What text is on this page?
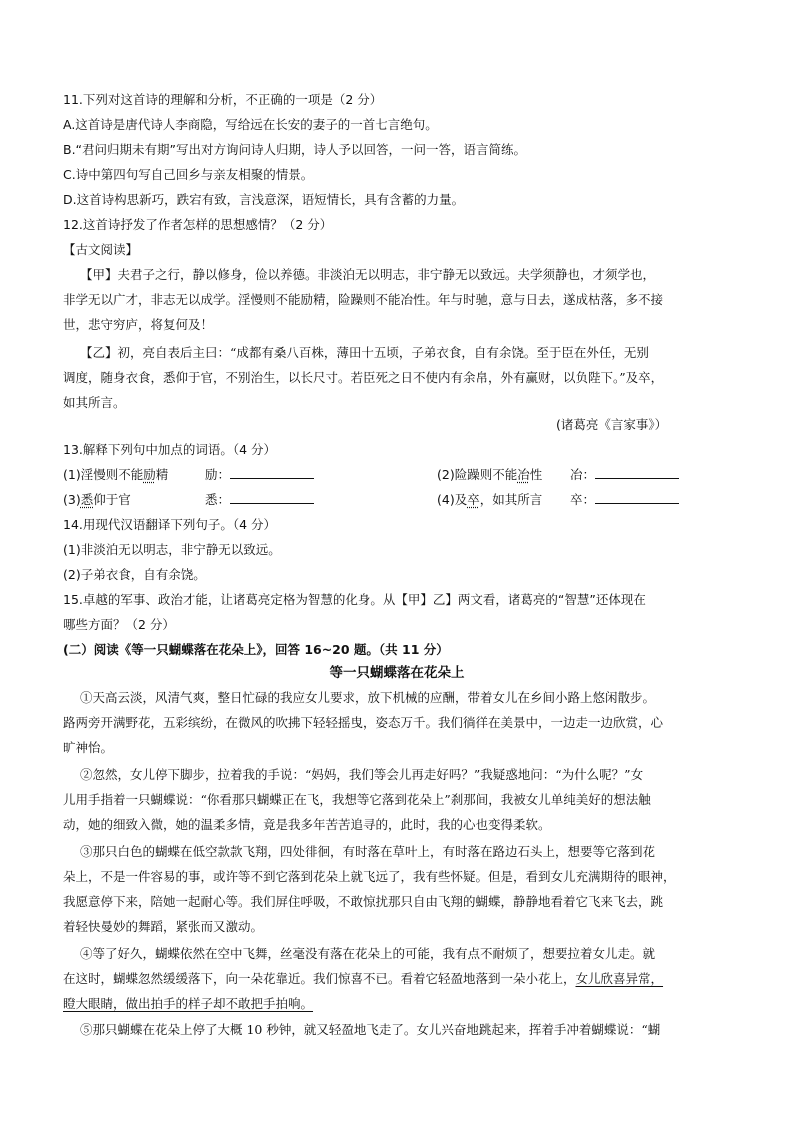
11.下列对这首诗的理解和分析，不正确的一项是（2 分）
A.这首诗是唐代诗人李商隐，写给远在长安的妻子的一首七言绝句。
B.“君问归期未有期”写出对方询问诗人归期，诗人予以回答，一问一答，语言简练。
C.诗中第四句写自己回乡与亲友相聚的情景。
D.这首诗构思新巧，跌宕有致，言浅意深，语短情长，具有含蓄的力量。
12.这首诗抒发了作者怎样的思想感情？（2 分）
【古文阅读】
【甲】夫君子之行，静以修身，俭以养德。非淡泊无以明志，非宁静无以致远。夫学须静也，才须学也，
非学无以广才，非志无以成学。淫慢则不能励精，险躁则不能冶性。年与时驰，意与日去，遂成枯落，多不接
世，悲守穷庐，将复何及！
【乙】初，亮自表后主曰：“成都有桑八百株，薄田十五顷，子弟衣食，自有余饶。至于臣在外任，无别
调度，随身衣食，悉仰于官，不别治生，以长尺寸。若臣死之日不使内有余帛，外有赢财，以负陛下。”及卒，
如其所言。
(诸葛亮《言家事》）
13.解释下列句中加点的词语。（4 分）
(1)淫慢则不能励精	励：	(2)险躁则不能冶性 冶：
(3)悉仰于官	悉：	(4)及卒，如其所言 卒：
14.用现代汉语翻译下列句子。（4 分）
(1)非淡泊无以明志，非宁静无以致远。
(2)子弟衣食，自有余饶。
15.卓越的军事、政治才能，让诸葛亮定格为智慧的化身。从【甲】乙】两文看，诸葛亮的“智慧”还体现在
哪些方面？（2 分）
(二）阅读《等一只蝴蝶落在花朵上》，回答 16~20 题。（共 11 分）
等一只蝴蝶落在花朵上
①天高云淡，风清气爽，整日忙碌的我应女儿要求，放下机械的应酬，带着女儿在乡间小路上悠闲散步。
路两旁开满野花，五彩缤纷，在微风的吹拂下轻轻摇曳，姿态万千。我们徜徉在美景中，一边走一边欣赏，心
旷神怡。
②忽然，女儿停下脚步，拉着我的手说：“妈妈，我们等会儿再走好吗？”我疑惑地问：“为什么呢？”女
儿用手指着一只蝴蝶说：“你看那只蝴蝶正在飞，我想等它落到花朵上”刹那间，我被女儿单纯美好的想法触
动，她的细致入微，她的温柔多情，竟是我多年苦苦追寻的，此时，我的心也变得柔软。
③那只白色的蝴蝶在低空款款飞翔，四处徘徊，有时落在草叶上，有时落在路边石头上，想要等它落到花
朵上，不是一件容易的事，或许等不到它落到花朵上就飞远了，我有些怀疑。但是，看到女儿充满期待的眼神，
我愿意停下来，陪她一起耐心等。我们屏住呼吸，不敢惊扰那只自由飞翔的蝴蝶，静静地看着它飞来飞去，跳
着轻快曼妙的舞蹈，紧张而又激动。
④等了好久，蝴蝶依然在空中飞舞，丝毫没有落在花朵上的可能，我有点不耐烦了，想要拉着女儿走。就
在这时，蝴蝶忽然缓缓落下，向一朵花靠近。我们惊喜不已。看着它轻盈地落到一朵小花上，女儿欣喜异常，
瞪大眼睛，做出拍手的样子却不敢把手拍响。
⑤那只蝴蝶在花朵上停了大概 10 秒钟，就又轻盈地飞走了。女儿兴奋地跳起来，挥着手冲着蝴蝶说：“蝴
